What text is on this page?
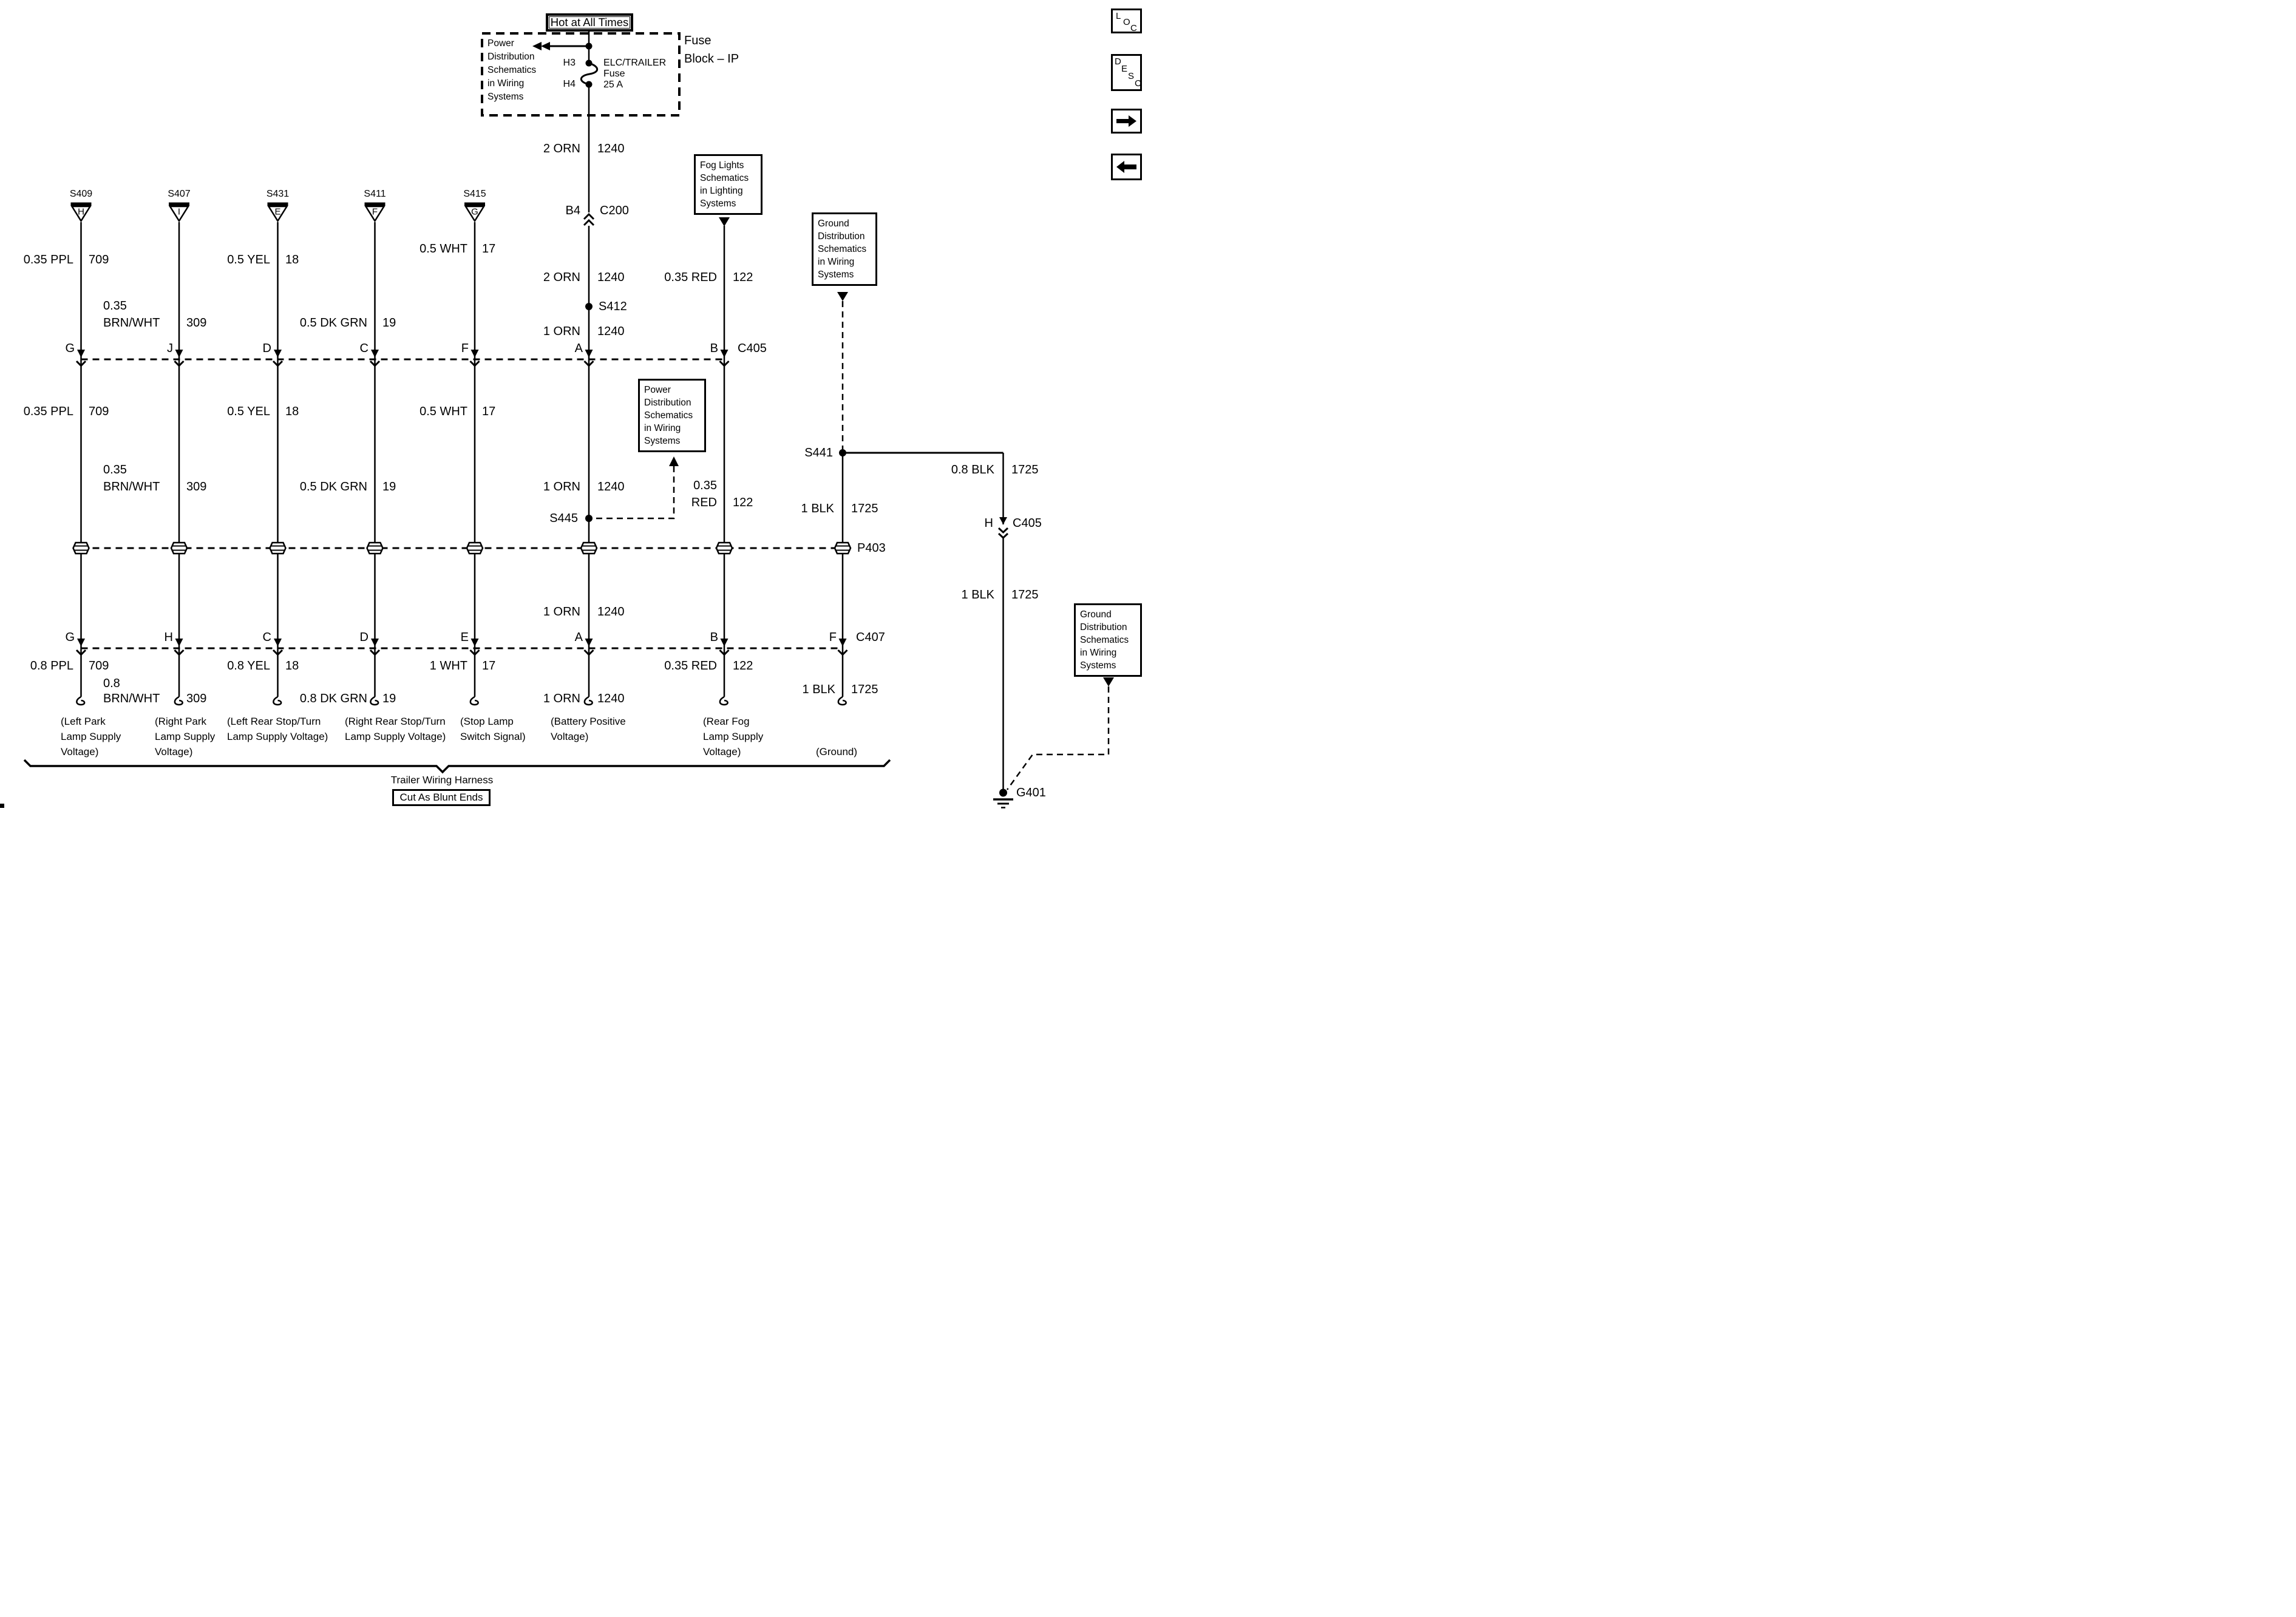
Hot at All Times
Power
Distribution
Schematics
in Wiring
Systems
H3
H4
ELC/TRAILER
Fuse
25 A
Fuse
Block – IP
L
O
C
D
E
S
C
S409	S407	S431	S411	S415
H	I	E	F	G
Fog Lights
Schematics
in Lighting
Systems
Ground
Distribution
Schematics
in Wiring
Systems
Power
Distribution
Schematics
in Wiring
Systems
Ground
Distribution
Schematics
in Wiring
Systems
0.35 PPL 709
0.35
BRN/WHT 309
0.5 YEL 18
0.5 DK GRN 19
0.5 WHT 17
2 ORN 1240
2 ORN 1240	0.35 RED 122
1 ORN 1240
B4 C200
S412
G	J	D	C	F	A	B C405
0.35 PPL 709
0.35
BRN/WHT 309
0.5 YEL 18
0.5 DK GRN 19
0.5 WHT 17
1 ORN 1240	0.35
RED 122
S445
S441
0.8 BLK 1725
1 BLK 1725
H C405
P403
1 BLK 1725
1 ORN 1240
G	H	C	D	E	A	B	F C407
0.8 PPL 709
0.8
BRN/WHT 309
0.8 YEL 18
0.8 DK GRN 19
1 WHT 17
1 ORN 1240
0.35 RED 122
1 BLK 1725
G401
(Left Park
Lamp Supply
Voltage)
(Right Park
Lamp Supply
Voltage)
(Left Rear Stop/Turn
Lamp Supply Voltage)
(Right Rear Stop/Turn
Lamp Supply Voltage)
(Stop Lamp
Switch Signal)
(Battery Positive
Voltage)
(Rear Fog
Lamp Supply
Voltage)	(Ground)
Trailer Wiring Harness
Cut As Blunt Ends
